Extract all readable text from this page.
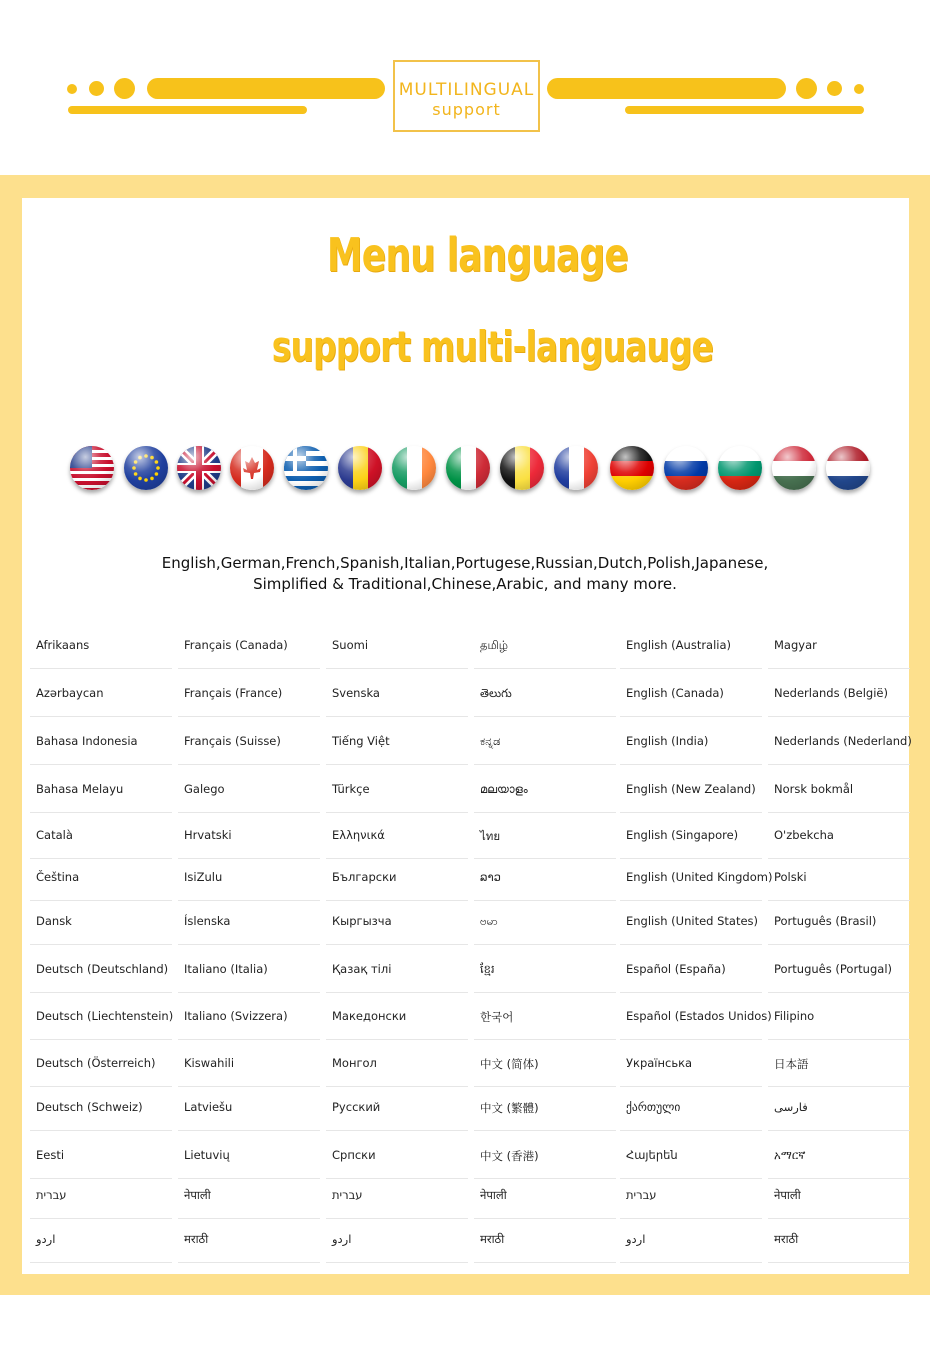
MULTILINGUAL
support
Menu language
support multi-languauge
English,German,French,Spanish,Italian,Portugese,Russian,Dutch,Polish,Japanese,
Simplified & Traditional,Chinese,Arabic, and many more.
Afrikaans
Azərbaycan
Bahasa Indonesia
Bahasa Melayu
Català
Čeština
Dansk
Deutsch (Deutschland)
Deutsch (Liechtenstein)
Deutsch (Österreich)
Deutsch (Schweiz)
Eesti
עברית
اردو
Français (Canada)
Français (France)
Français (Suisse)
Galego
Hrvatski
IsiZulu
Íslenska
Italiano (Italia)
Italiano (Svizzera)
Kiswahili
Latviešu
Lietuvių
नेपाली
मराठी
Suomi
Svenska
Tiếng Việt
Türkçe
Ελληνικά
Български
Кыргызча
Қазақ тілі
Македонски
Монгол
Русский
Српски
עברית
اردو
தமிழ்
తెలుగు
ಕನ್ನಡ
മലയാളം
ไทย
ລາວ
ဗမာ
ខ្មែរ
한국어
中文 (简体)
中文 (繁體)
中文 (香港)
नेपाली
मराठी
English (Australia)
English (Canada)
English (India)
English (New Zealand)
English (Singapore)
English (United Kingdom)
English (United States)
Español (España)
Español (Estados Unidos)
Українська
ქართული
Հայերեն
עברית
اردو
Magyar
Nederlands (België)
Nederlands (Nederland)
Norsk bokmål
O'zbekcha
Polski
Português (Brasil)
Português (Portugal)
Filipino
日本語
فارسی
አማርኛ
नेपाली
मराठी
